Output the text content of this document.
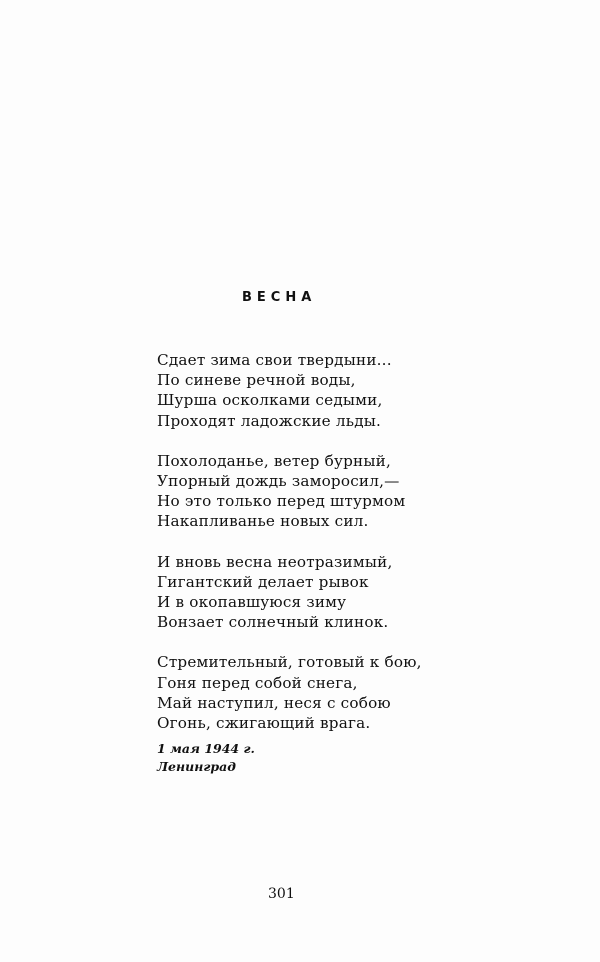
ВЕСНА
Сдает зима свои твердыни...
По синеве речной воды,
Шурша осколками седыми,
Проходят ладожские льды.
Похолоданье, ветер бурный,
Упорный дождь заморосил,—
Но это только перед штурмом
Накапливанье новых сил.
И вновь весна неотразимый,
Гигантский делает рывок
И в окопавшуюся зиму
Вонзает солнечный клинок.
Стремительный, готовый к бою,
Гоня перед собой снега,
Май наступил, неся с собою
Огонь, сжигающий врага.
1 мая 1944 г.
Ленинград
301
